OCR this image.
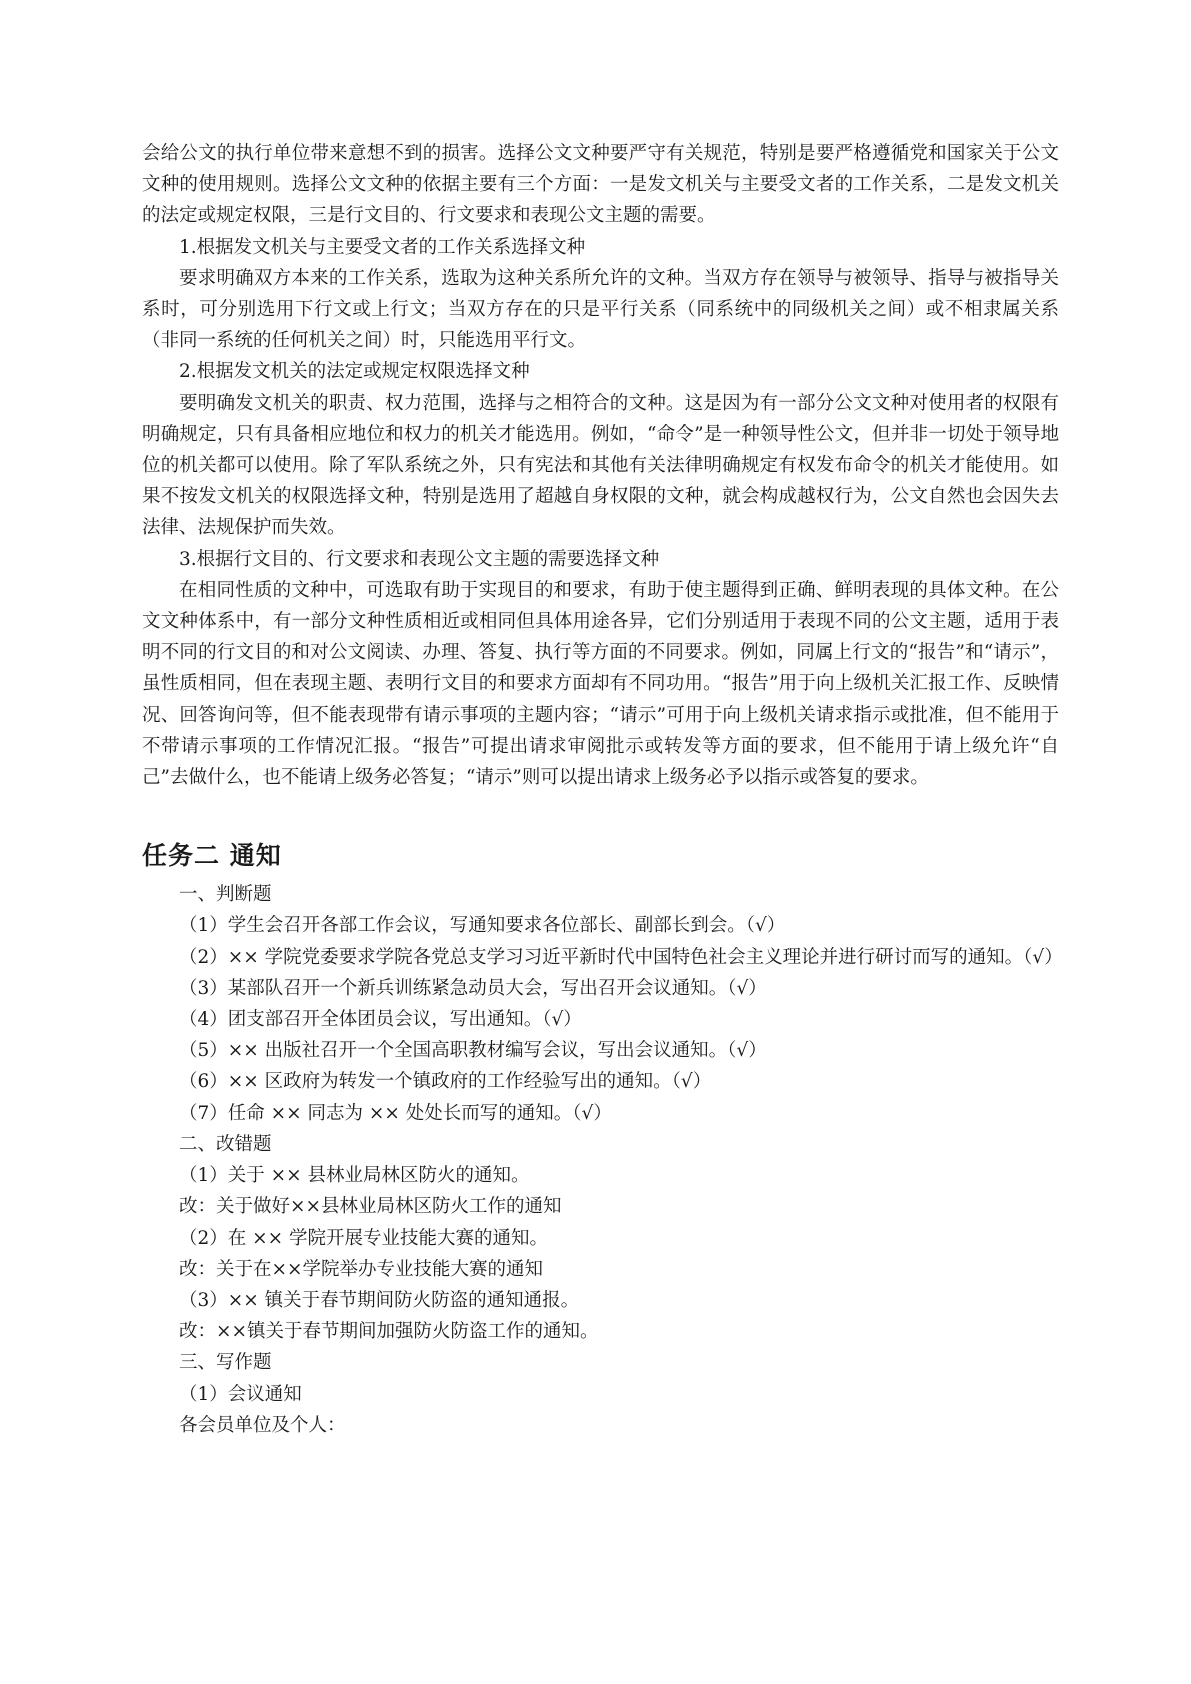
会给公文的执行单位带来意想不到的损害。选择公文文种要严守有关规范，特别是要严格遵循党和国家关于公文文种的使用规则。选择公文文种的依据主要有三个方面：一是发文机关与主要受文者的工作关系，二是发文机关的法定或规定权限，三是行文目的、行文要求和表现公文主题的需要。

1.根据发文机关与主要受文者的工作关系选择文种

要求明确双方本来的工作关系，选取为这种关系所允许的文种。当双方存在领导与被领导、指导与被指导关系时，可分别选用下行文或上行文；当双方存在的只是平行关系（同系统中的同级机关之间）或不相隶属关系（非同一系统的任何机关之间）时，只能选用平行文。

2.根据发文机关的法定或规定权限选择文种

要明确发文机关的职责、权力范围，选择与之相符合的文种。这是因为有一部分公文文种对使用者的权限有明确规定，只有具备相应地位和权力的机关才能选用。例如，“命令”是一种领导性公文，但并非一切处于领导地位的机关都可以使用。除了军队系统之外，只有宪法和其他有关法律明确规定有权发布命令的机关才能使用。如果不按发文机关的权限选择文种，特别是选用了超越自身权限的文种，就会构成越权行为，公文自然也会因失去法律、法规保护而失效。

3.根据行文目的、行文要求和表现公文主题的需要选择文种

在相同性质的文种中，可选取有助于实现目的和要求，有助于使主题得到正确、鲜明表现的具体文种。在公文文种体系中，有一部分文种性质相近或相同但具体用途各异，它们分别适用于表现不同的公文主题，适用于表明不同的行文目的和对公文阅读、办理、答复、执行等方面的不同要求。例如，同属上行文的“报告”和“请示”，虽性质相同，但在表现主题、表明行文目的和要求方面却有不同功用。“报告”用于向上级机关汇报工作、反映情况、回答询问等，但不能表现带有请示事项的主题内容；“请示”可用于向上级机关请求指示或批准，但不能用于不带请示事项的工作情况汇报。“报告”可提出请求审阅批示或转发等方面的要求，但不能用于请上级允许“自己”去做什么，也不能请上级务必答复；“请示”则可以提出请求上级务必予以指示或答复的要求。

任务二 通知

一、判断题

（1）学生会召开各部工作会议，写通知要求各位部长、副部长到会。（√）

（2）×× 学院党委要求学院各党总支学习习近平新时代中国特色社会主义理论并进行研讨而写的通知。（√）

（3）某部队召开一个新兵训练紧急动员大会，写出召开会议通知。（√）

（4）团支部召开全体团员会议，写出通知。（√）

（5）×× 出版社召开一个全国高职教材编写会议，写出会议通知。（√）

（6）×× 区政府为转发一个镇政府的工作经验写出的通知。（√）

（7）任命 ×× 同志为 ×× 处处长而写的通知。（√）

二、改错题

（1）关于 ×× 县林业局林区防火的通知。

改：关于做好××县林业局林区防火工作的通知

（2）在 ×× 学院开展专业技能大赛的通知。

改：关于在××学院举办专业技能大赛的通知

（3）×× 镇关于春节期间防火防盗的通知通报。

改：××镇关于春节期间加强防火防盗工作的通知。

三、写作题

（1）会议通知

各会员单位及个人：
